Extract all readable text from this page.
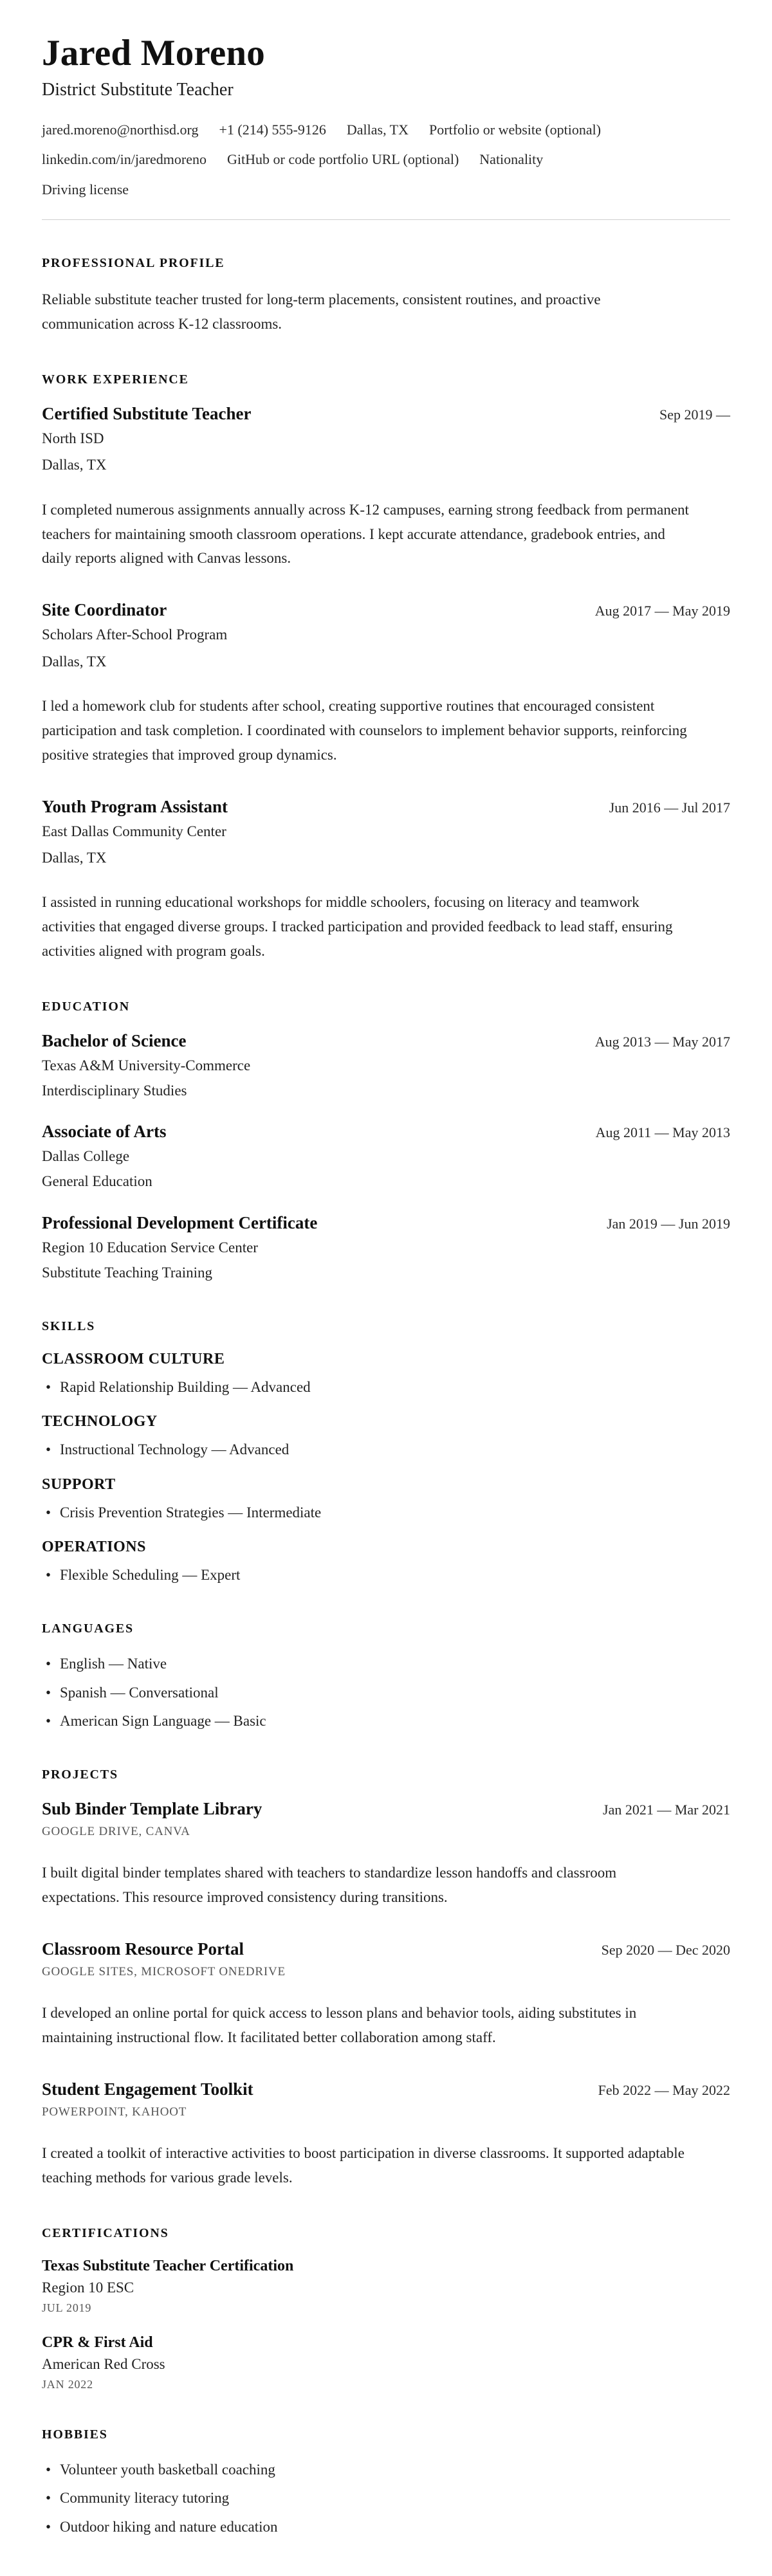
Jared Moreno
District Substitute Teacher
jared.moreno@northisd.org +1 (214) 555-9126 Dallas, TX Portfolio or website (optional)
linkedin.com/in/jaredmoreno GitHub or code portfolio URL (optional) Nationality
Driving license
PROFESSIONAL PROFILE

Reliable substitute teacher trusted for long-term placements, consistent routines, and proactive communication across K-12 classrooms.

WORK EXPERIENCE
Certified Substitute Teacher	Sep 2019 —
North ISD
Dallas, TX

I completed numerous assignments annually across K-12 campuses, earning strong feedback from permanent teachers for maintaining smooth classroom operations. I kept accurate attendance, gradebook entries, and daily reports aligned with Canvas lessons.

Site Coordinator	Aug 2017 — May 2019
Scholars After-School Program
Dallas, TX

I led a homework club for students after school, creating supportive routines that encouraged consistent participation and task completion. I coordinated with counselors to implement behavior supports, reinforcing positive strategies that improved group dynamics.

Youth Program Assistant	Jun 2016 — Jul 2017
East Dallas Community Center
Dallas, TX

I assisted in running educational workshops for middle schoolers, focusing on literacy and teamwork activities that engaged diverse groups. I tracked participation and provided feedback to lead staff, ensuring activities aligned with program goals.

EDUCATION
Bachelor of Science	Aug 2013 — May 2017
Texas A&M University-Commerce
Interdisciplinary Studies
Associate of Arts	Aug 2011 — May 2013
Dallas College
General Education
Professional Development Certificate	Jan 2019 — Jun 2019
Region 10 Education Service Center
Substitute Teaching Training
SKILLS
CLASSROOM CULTURE
• Rapid Relationship Building — Advanced
TECHNOLOGY
• Instructional Technology — Advanced
SUPPORT
• Crisis Prevention Strategies — Intermediate
OPERATIONS
• Flexible Scheduling — Expert
LANGUAGES
• English — Native
• Spanish — Conversational
• American Sign Language — Basic
PROJECTS
Sub Binder Template Library	Jan 2021 — Mar 2021
GOOGLE DRIVE, CANVA

I built digital binder templates shared with teachers to standardize lesson handoffs and classroom expectations. This resource improved consistency during transitions.

Classroom Resource Portal	Sep 2020 — Dec 2020
GOOGLE SITES, MICROSOFT ONEDRIVE

I developed an online portal for quick access to lesson plans and behavior tools, aiding substitutes in maintaining instructional flow. It facilitated better collaboration among staff.

Student Engagement Toolkit	Feb 2022 — May 2022
POWERPOINT, KAHOOT

I created a toolkit of interactive activities to boost participation in diverse classrooms. It supported adaptable teaching methods for various grade levels.

CERTIFICATIONS
Texas Substitute Teacher Certification
Region 10 ESC
JUL 2019
CPR & First Aid
American Red Cross
JAN 2022
HOBBIES
• Volunteer youth basketball coaching
• Community literacy tutoring
• Outdoor hiking and nature education
